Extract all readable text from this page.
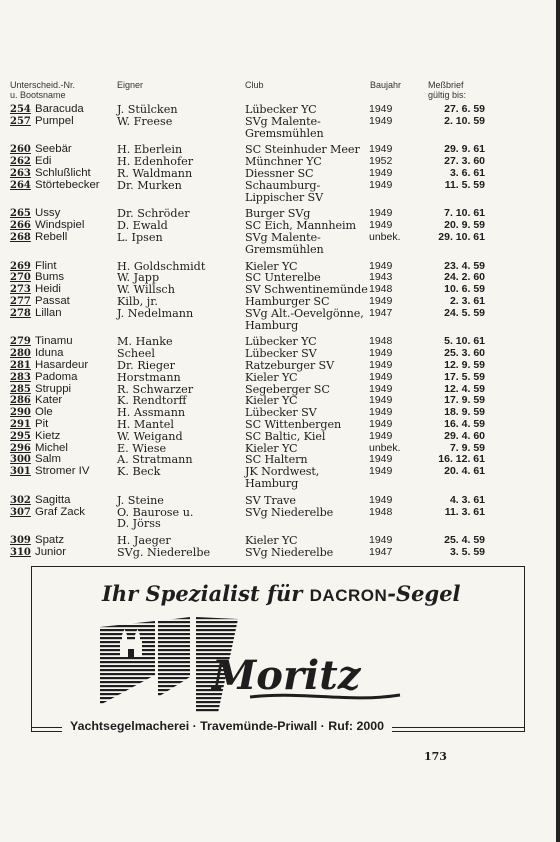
Unterscheid.-Nr.
u. Bootsname
Eigner	Club	Baujahr	Meßbrief
gültig bis:
254	Baracuda	J. Stülcken	Lübecker YC	1949	27. 6. 59
257	Pumpel	W. Freese	SVg Malente-	1949	2. 10. 59
			Gremsmühlen		

260	Seebär	H. Eberlein	SC Steinhuder Meer	1949	29. 9. 61
262	Edi	H. Edenhofer	Münchner YC	1952	27. 3. 60
263	Schlußlicht	R. Waldmann	Diessner SC	1949	3. 6. 61
264	Störtebecker	Dr. Murken	Schaumburg-	1949	11. 5. 59
			Lippischer SV		

265	Ussy	Dr. Schröder	Burger SVg	1949	7. 10. 61
266	Windspiel	D. Ewald	SC Eich, Mannheim	1949	20. 9. 59
268	Rebell	L. Ipsen	SVg Malente-	unbek.	29. 10. 61
			Gremsmühlen		

269	Flint	H. Goldschmidt	Kieler YC	1949	23. 4. 59
270	Bums	W. Japp	SC Unterelbe	1943	24. 2. 60
273	Heidi	W. Willsch	SV Schwentinemünde	1948	10. 6. 59
277	Passat	Kilb, jr.	Hamburger SC	1949	2. 3. 61
278	Lillan	J. Nedelmann	SVg Alt.-Oevelgönne,	1947	24. 5. 59
			Hamburg		

279	Tinamu	M. Hanke	Lübecker YC	1948	5. 10. 61
280	Iduna	Scheel	Lübecker SV	1949	25. 3. 60
281	Hasardeur	Dr. Rieger	Ratzeburger SV	1949	12. 9. 59
283	Padoma	Horstmann	Kieler YC	1949	17. 5. 59
285	Struppi	R. Schwarzer	Segeberger SC	1949	12. 4. 59
286	Kater	K. Rendtorff	Kieler YC	1949	17. 9. 59
290	Ole	H. Assmann	Lübecker SV	1949	18. 9. 59
291	Pit	H. Mantel	SC Wittenbergen	1949	16. 4. 59
295	Kietz	W. Weigand	SC Baltic, Kiel	1949	29. 4. 60
296	Michel	E. Wiese	Kieler YC	unbek.	7. 9. 59
300	Salm	A. Stratmann	SC Haltern	1949	16. 12. 61
301	Stromer IV	K. Beck	JK Nordwest,	1949	20. 4. 61
			Hamburg		

302	Sagitta	J. Steine	SV Trave	1949	4. 3. 61
307	Graf Zack	O. Baurose u.	SVg Niederelbe	1948	11. 3. 61
		D. Jörss			

309	Spatz	H. Jaeger	Kieler YC	1949	25. 4. 59
310	Junior	SVg. Niederelbe	SVg Niederelbe	1947	3. 5. 59
Ihr Spezialist für DACRON-Segel
Moritz
Yachtsegelmacherei · Travemünde-Priwall · Ruf: 2000
173
